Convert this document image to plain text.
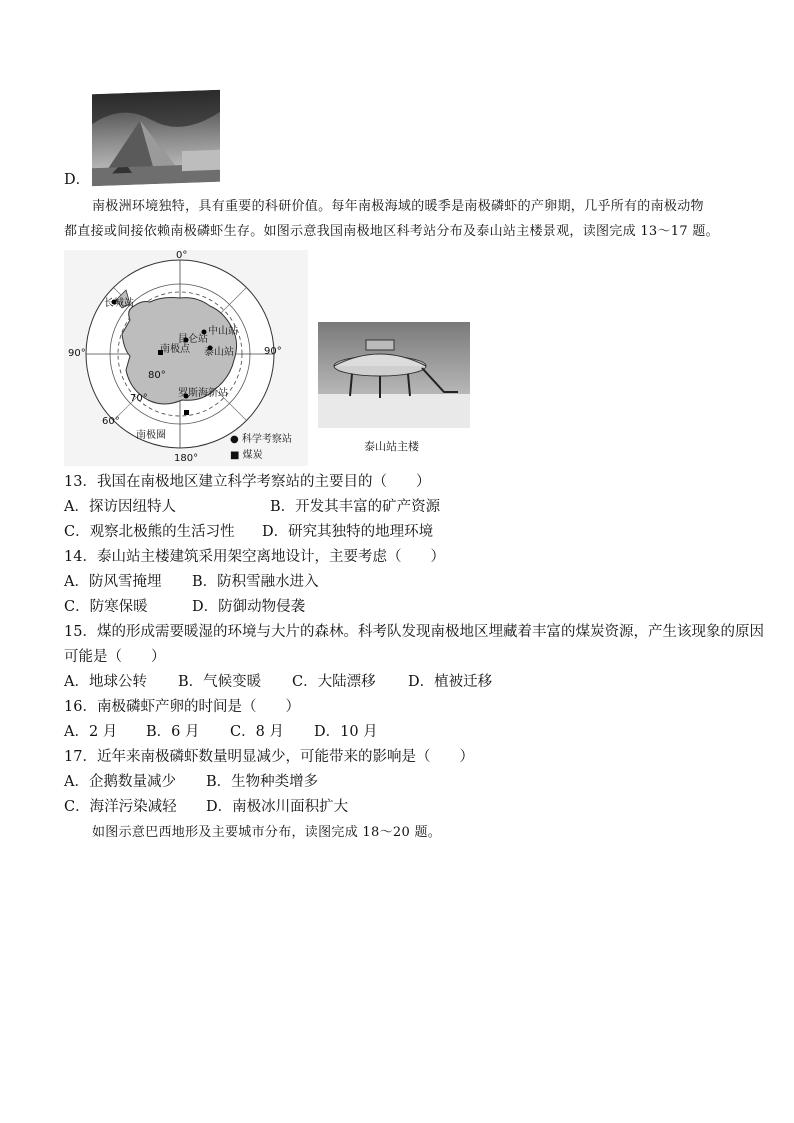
D．
南极洲环境独特，具有重要的科研价值。每年南极海域的暖季是南极磷虾的产卵期，几乎所有的南极动物
都直接或间接依赖南极磷虾生存。如图示意我国南极地区科考站分布及泰山站主楼景观，读图完成 13～17 题。
0°
90°	90°
180°
80°
70°
60°
长城站
昆仑站
中山站
泰山站
南极点
罗斯海新站
南极圈	● 科学考察站
■ 煤炭
泰山站主楼
13．我国在南极地区建立科学考察站的主要目的（　　）
A．探访因纽特人	B．开发其丰富的矿产资源
C．观察北极熊的生活习性 D．研究其独特的地理环境
14．泰山站主楼建筑采用架空离地设计，主要考虑（　　）
A．防风雪掩埋 B．防积雪融水进入
C．防寒保暖	D．防御动物侵袭
15．煤的形成需要暖湿的环境与大片的森林。科考队发现南极地区埋藏着丰富的煤炭资源，产生该现象的原因
可能是（　　）
A．地球公转 B．气候变暖 C．大陆漂移 D．植被迁移
16．南极磷虾产卵的时间是（　　）
A．2 月 B．6 月 C．8 月 D．10 月
17．近年来南极磷虾数量明显减少，可能带来的影响是（　　）
A．企鹅数量减少 B．生物种类增多
C．海洋污染减轻 D．南极冰川面积扩大
如图示意巴西地形及主要城市分布，读图完成 18～20 题。
